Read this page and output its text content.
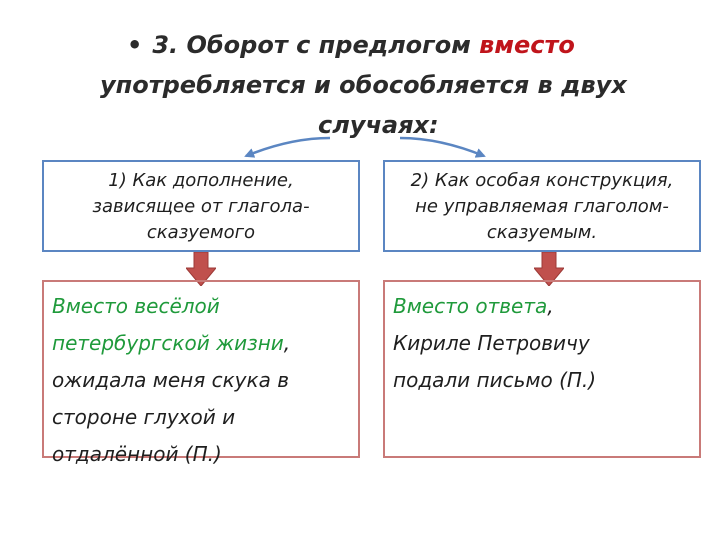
• 3. Оборот с предлогом вместо
употребляется и обособляется в двух
случаях:
1) Как дополнение,
зависящее от глагола-
сказуемого
2) Как особая конструкция,
не управляемая глаголом-
сказуемым.
Вместо весёлой
петербургской жизни,
ожидала меня скука в
стороне глухой и
отдалённой (П.)
Вместо ответа,
Кириле Петровичу
подали письмо (П.)
